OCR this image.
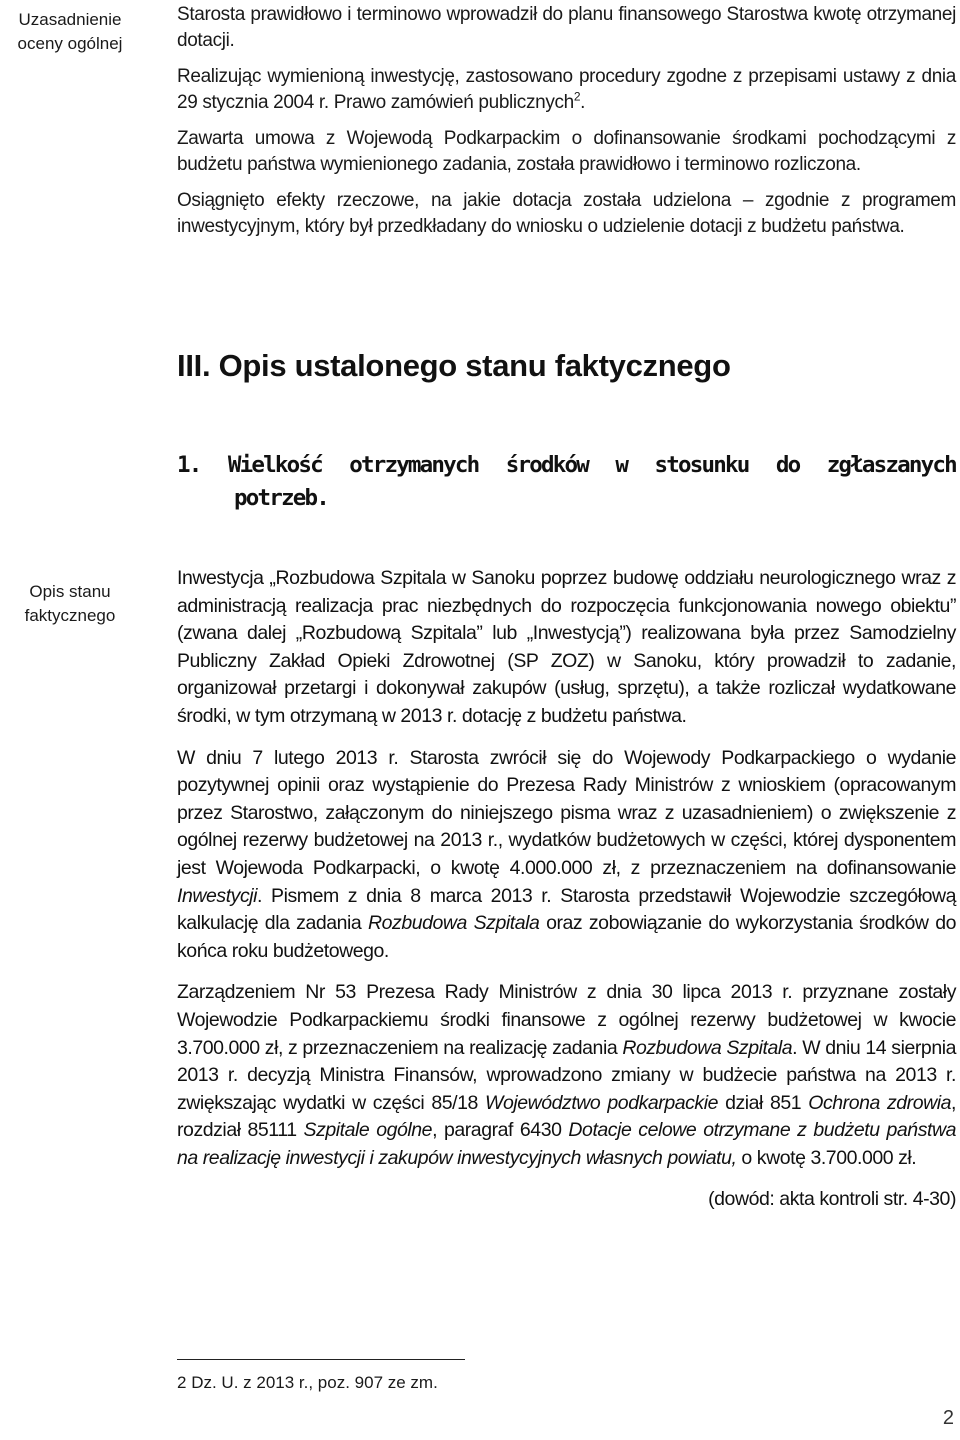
Uzasadnienie oceny ogólnej

Starosta prawidłowo i terminowo wprowadził do planu finansowego Starostwa kwotę otrzymanej dotacji.

Realizując wymienioną inwestycję, zastosowano procedury zgodne z przepisami ustawy z dnia 29 stycznia 2004 r. Prawo zamówień publicznych$^2$.

Zawarta umowa z Wojewodą Podkarpackim o dofinansowanie środkami pochodzącymi z budżetu państwa wymienionego zadania, została prawidłowo i terminowo rozliczona.

Osiągnięto efekty rzeczowe, na jakie dotacja została udzielona – zgodnie z programem inwestycyjnym, który był przedkładany do wniosku o udzielenie dotacji z budżetu państwa.

III. Opis ustalonego stanu faktycznego
1. Wielkość otrzymanych środków w stosunku do zgłaszanych
potrzeb.
Opis stanu faktycznego

Inwestycja „Rozbudowa Szpitala w Sanoku poprzez budowę oddziału neurologicznego wraz z administracją realizacja prac niezbędnych do rozpoczęcia funkcjonowania nowego obiektu” (zwana dalej „Rozbudową Szpitala” lub „Inwestycją”) realizowana była przez Samodzielny Publiczny Zakład Opieki Zdrowotnej (SP ZOZ) w Sanoku, który prowadził to zadanie, organizował przetargi i dokonywał zakupów (usług, sprzętu), a także rozliczał wydatkowane środki, w tym otrzymaną w 2013 r. dotację z budżetu państwa.

W dniu 7 lutego 2013 r. Starosta zwrócił się do Wojewody Podkarpackiego o wydanie pozytywnej opinii oraz wystąpienie do Prezesa Rady Ministrów z wnioskiem (opracowanym przez Starostwo, załączonym do niniejszego pisma wraz z uzasadnieniem) o zwiększenie z ogólnej rezerwy budżetowej na 2013 r., wydatków budżetowych w części, której dysponentem jest Wojewoda Podkarpacki, o kwotę 4.000.000 zł, z przeznaczeniem na dofinansowanie Inwestycji. Pismem z dnia 8 marca 2013 r. Starosta przedstawił Wojewodzie szczegółową kalkulację dla zadania Rozbudowa Szpitala oraz zobowiązanie do wykorzystania środków do końca roku budżetowego.

Zarządzeniem Nr 53 Prezesa Rady Ministrów z dnia 30 lipca 2013 r. przyznane zostały Wojewodzie Podkarpackiemu środki finansowe z ogólnej rezerwy budżetowej w kwocie 3.700.000 zł, z przeznaczeniem na realizację zadania Rozbudowa Szpitala. W dniu 14 sierpnia 2013 r. decyzją Ministra Finansów, wprowadzono zmiany w budżecie państwa na 2013 r. zwiększając wydatki w części 85/18 Województwo podkarpackie dział 851 Ochrona zdrowia, rozdział 85111 Szpitale ogólne, paragraf 6430 Dotacje celowe otrzymane z budżetu państwa na realizację inwestycji i zakupów inwestycyjnych własnych powiatu, o kwotę 3.700.000 zł.

(dowód: akta kontroli str. 4-30)

2 Dz. U. z 2013 r., poz. 907 ze zm.
2
